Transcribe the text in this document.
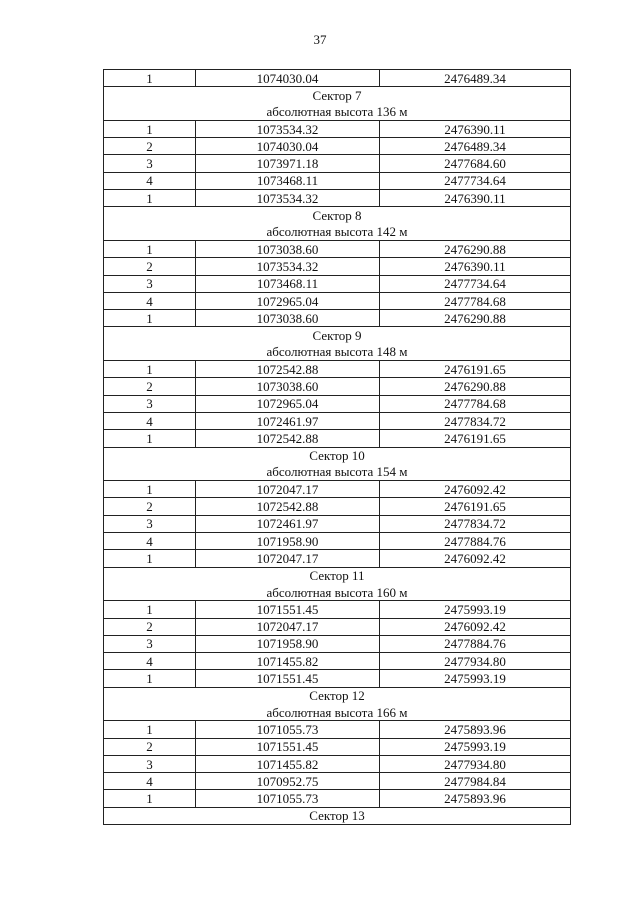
37
1	1074030.04	2476489.34
Сектор 7		
абсолютная высота 136 м		
1	1073534.32	2476390.11
2	1074030.04	2476489.34
3	1073971.18	2477684.60
4	1073468.11	2477734.64
1	1073534.32	2476390.11
Сектор 8		
абсолютная высота 142 м		
1	1073038.60	2476290.88
2	1073534.32	2476390.11
3	1073468.11	2477734.64
4	1072965.04	2477784.68
1	1073038.60	2476290.88
Сектор 9		
абсолютная высота 148 м		
1	1072542.88	2476191.65
2	1073038.60	2476290.88
3	1072965.04	2477784.68
4	1072461.97	2477834.72
1	1072542.88	2476191.65
Сектор 10		
абсолютная высота 154 м		
1	1072047.17	2476092.42
2	1072542.88	2476191.65
3	1072461.97	2477834.72
4	1071958.90	2477884.76
1	1072047.17	2476092.42
Сектор 11		
абсолютная высота 160 м		
1	1071551.45	2475993.19
2	1072047.17	2476092.42
3	1071958.90	2477884.76
4	1071455.82	2477934.80
1	1071551.45	2475993.19
Сектор 12		
абсолютная высота 166 м		
1	1071055.73	2475893.96
2	1071551.45	2475993.19
3	1071455.82	2477934.80
4	1070952.75	2477984.84
1	1071055.73	2475893.96
Сектор 13		
